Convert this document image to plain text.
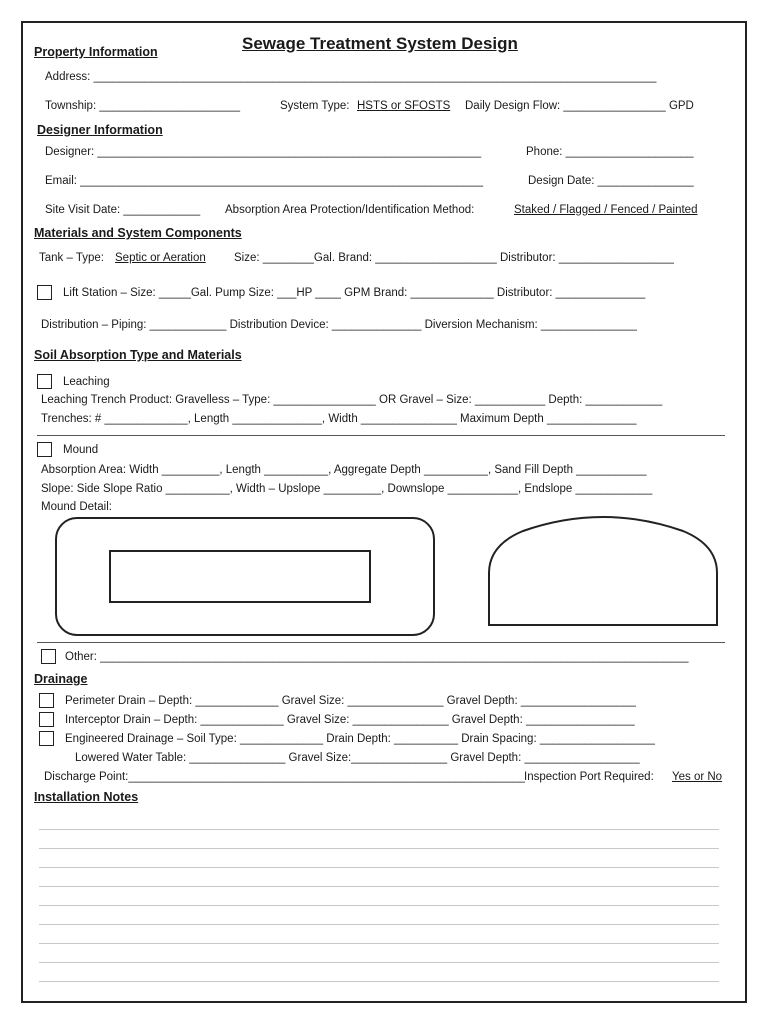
Sewage Treatment System Design
Property Information
Address: ________________________________________________________________________________________
Township: ______________________	System Type: HSTS or SFOSTS Daily Design Flow: ________________ GPD
Designer Information
Designer: ____________________________________________________________	Phone: ____________________
Email: _______________________________________________________________	Design Date: _______________
Site Visit Date: ____________ Absorption Area Protection/Identification Method:	Staked / Flagged / Fenced / Painted
Materials and System Components
Tank – Type: Septic or Aeration Size: ________Gal. Brand: ___________________ Distributor: __________________
Lift Station – Size: _____Gal. Pump Size: ___HP ____ GPM Brand: _____________ Distributor: ______________
Distribution – Piping: ____________ Distribution Device: ______________ Diversion Mechanism: _______________
Soil Absorption Type and Materials
Leaching
Leaching Trench Product: Gravelless – Type: ________________ OR Gravel – Size: ___________ Depth: ____________
Trenches: # _____________, Length ______________, Width _______________ Maximum Depth ______________
Mound
Absorption Area: Width _________, Length __________, Aggregate Depth __________, Sand Fill Depth ___________
Slope: Side Slope Ratio __________, Width – Upslope _________, Downslope ___________, Endslope ____________
Mound Detail:
Other: ____________________________________________________________________________________________
Drainage
Perimeter Drain – Depth: _____________ Gravel Size: _______________ Gravel Depth: __________________
Interceptor Drain – Depth: _____________ Gravel Size: _______________ Gravel Depth: _________________
Engineered Drainage – Soil Type: _____________ Drain Depth: __________ Drain Spacing: __________________
Lowered Water Table: _______________ Gravel Size:_______________ Gravel Depth: __________________
Discharge Point:______________________________________________________________ Inspection Port Required: Yes or No
Installation Notes
